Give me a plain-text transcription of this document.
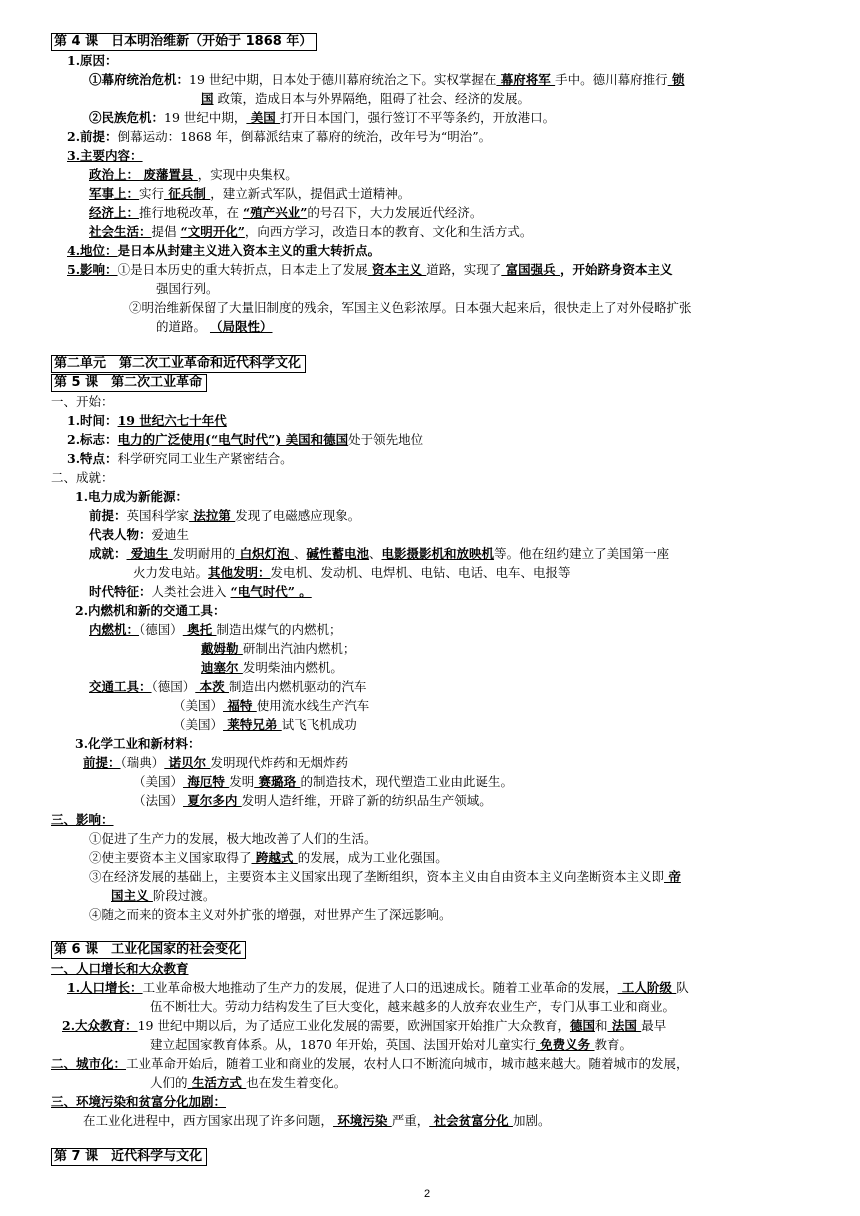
第 4 课　日本明治维新（开始于 1868 年）
1.原因：
①幕府统治危机：19 世纪中期，日本处于德川幕府统治之下。实权掌握在 幕府将军 手中。德川幕府推行 锁
国 政策，造成日本与外界隔绝，阻碍了社会、经济的发展。
②民族危机：19 世纪中期， 美国 打开日本国门，强行签订不平等条约，开放港口。
2.前提：倒幕运动：1868 年，倒幕派结束了幕府的统治，改年号为“明治”。
3.主要内容：
政治上： 废藩置县 ，实现中央集权。
军事上：实行 征兵制 ，建立新式军队，提倡武士道精神。
经济上：推行地税改革，在 “殖产兴业”的号召下，大力发展近代经济。
社会生活：提倡 “文明开化”，向西方学习，改造日本的教育、文化和生活方式。
4.地位：是日本从封建主义进入资本主义的重大转折点。
5.影响：①是日本历史的重大转折点，日本走上了发展 资本主义 道路，实现了 富国强兵 ，开始跻身资本主义
强国行列。
②明治维新保留了大量旧制度的残余，军国主义色彩浓厚。日本强大起来后，很快走上了对外侵略扩张
的道路。 （局限性）
第二单元　第二次工业革命和近代科学文化
第 5 课　第二次工业革命
一、开始：
1.时间：19 世纪六七十年代
2.标志：电力的广泛使用(“电气时代”) 美国和德国处于领先地位
3.特点：科学研究同工业生产紧密结合。
二、成就：
1.电力成为新能源：
前提：英国科学家 法拉第 发现了电磁感应现象。
代表人物：爱迪生
成就： 爱迪生 发明耐用的 白炽灯泡 、碱性蓄电池、电影摄影机和放映机等。他在纽约建立了美国第一座
火力发电站。其他发明：发电机、发动机、电焊机、电钻、电话、电车、电报等
时代特征：人类社会进入 “电气时代” 。
2.内燃机和新的交通工具：
内燃机：（德国） 奥托 制造出煤气的内燃机；
戴姆勒 研制出汽油内燃机；
迪塞尔 发明柴油内燃机。
交通工具：（德国） 本茨 制造出内燃机驱动的汽车
（美国） 福特 使用流水线生产汽车
（美国） 莱特兄弟 试飞飞机成功
3.化学工业和新材料：
前提：（瑞典） 诺贝尔 发明现代炸药和无烟炸药
（美国） 海厄特 发明 赛璐珞 的制造技术，现代塑造工业由此诞生。
（法国） 夏尔多内 发明人造纤维，开辟了新的纺织品生产领域。
三、影响：
①促进了生产力的发展，极大地改善了人们的生活。
②使主要资本主义国家取得了 跨越式 的发展，成为工业化强国。
③在经济发展的基础上，主要资本主义国家出现了垄断组织，资本主义由自由资本主义向垄断资本主义即 帝
国主义 阶段过渡。
④随之而来的资本主义对外扩张的增强，对世界产生了深远影响。
第 6 课　工业化国家的社会变化
一、人口增长和大众教育
1.人口增长：工业革命极大地推动了生产力的发展，促进了人口的迅速成长。随着工业革命的发展， 工人阶级 队
伍不断壮大。劳动力结构发生了巨大变化，越来越多的人放弃农业生产，专门从事工业和商业。
2.大众教育：19 世纪中期以后，为了适应工业化发展的需要，欧洲国家开始推广大众教育，德国和 法国 最早
建立起国家教育体系。从，1870 年开始，英国、法国开始对儿童实行 免费义务 教育。
二、城市化：工业革命开始后，随着工业和商业的发展，农村人口不断流向城市，城市越来越大。随着城市的发展，
人们的 生活方式 也在发生着变化。
三、环境污染和贫富分化加剧：
在工业化进程中，西方国家出现了许多问题， 环境污染 严重， 社会贫富分化 加剧。
第 7 课　近代科学与文化
2
